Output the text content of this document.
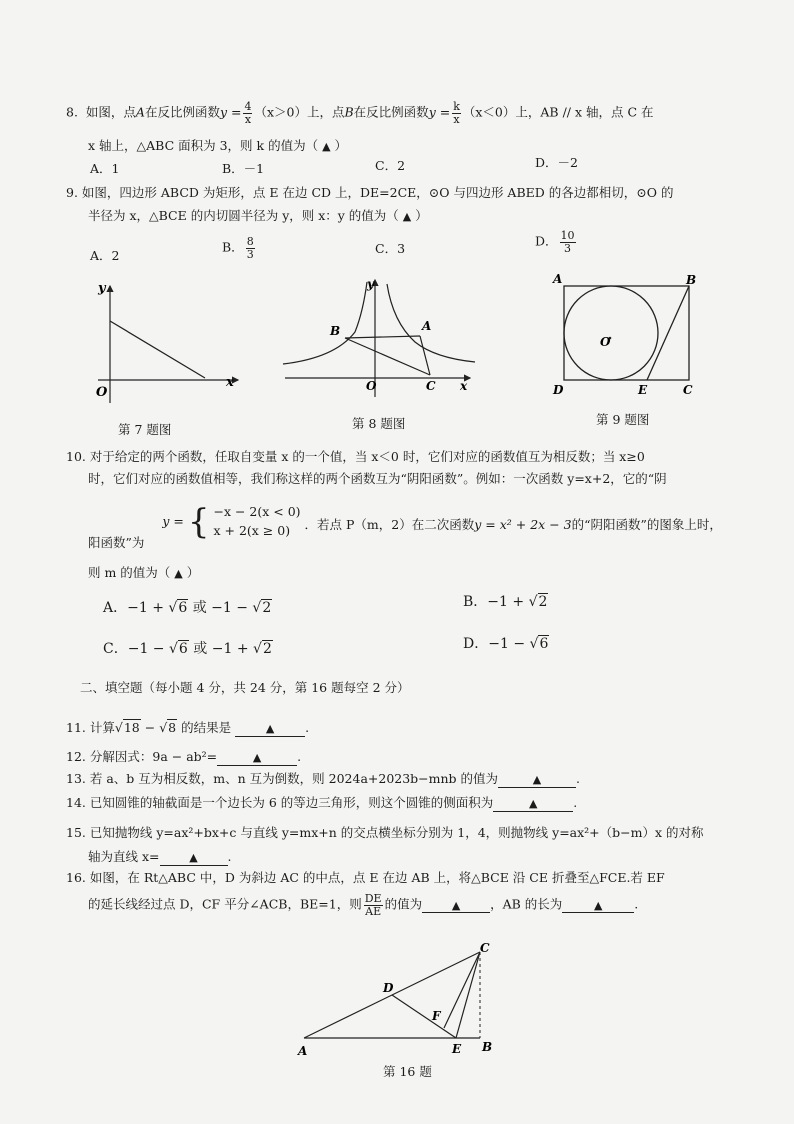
8. 如图，点A在反比例函数$y = \frac{4}{x} (x>0)$上，点B在反比例函数$y = \frac{k}{x} (x<0)$上，AB // x 轴，点 C 在
x 轴上，△ABC 面积为 3，则 k 的值为（ ▲ ）
A．1	B．－1	C．2	D．－2
9. 如图，四边形 ABCD 为矩形，点 E 在边 CD 上，DE=2CE，⊙O 与四边形 ABED 的各边都相切，⊙O 的
半径为 x，△BCE 的内切圆半径为 y，则 x：y 的值为（ ▲ ）
A．2
B． $\frac{8}{3}$	C．3	D． $\frac{10}{3}$
y
O
x
第 7 题图
y
B	A
O	C x
第 8 题图
A	B
O
D	E	C
第 9 题图
10. 对于给定的两个函数，任取自变量 x 的一个值，当 x＜0 时，它们对应的函数值互为相反数；当 x≥0
时，它们对应的函数值相等，我们称这样的两个函数互为“阴阳函数”。例如：一次函数 y=x+2，它的“阴
阳函数”为  y = { −x − 2(x < 0)
x + 2(x ≥ 0)	．若点 P（m，2）在二次函数y = x² + 2x − 3的“阴阳函数”的图象上时，
则 m 的值为（ ▲ ）
A．−1 + √6 或 −1 − √2	B．−1 + √2
C．−1 − √6 或 −1 + √2	D．−1 − √6
二、填空题（每小题 4 分，共 24 分，第 16 题每空 2 分）
11. 计算√18 − √8 的结果是	▲ .
12. 分解因式：9a − ab²=	▲	.
13. 若 a、b 互为相反数，m、n 互为倒数，则 2024a+2023b−mnb 的值为	▲	.
14. 已知圆锥的轴截面是一个边长为 6 的等边三角形，则这个圆锥的侧面积为	▲	.
15. 已知抛物线 y=ax²+bx+c 与直线 y=mx+n 的交点横坐标分别为 1，4，则抛物线 y=ax²+（b−m）x 的对称
轴为直线 x=	▲ .
16. 如图，在 Rt△ABC 中，D 为斜边 AC 的中点，点 E 在边 AB 上，将△BCE 沿 CE 折叠至△FCE.若 EF
的延长线经过点 D，CF 平分∠ACB，BE=1，则 $\frac{DE}{AE}$ 的值为	▲ ，AB 的长为	▲	.
C
D
F
A	E B
第 16 题
